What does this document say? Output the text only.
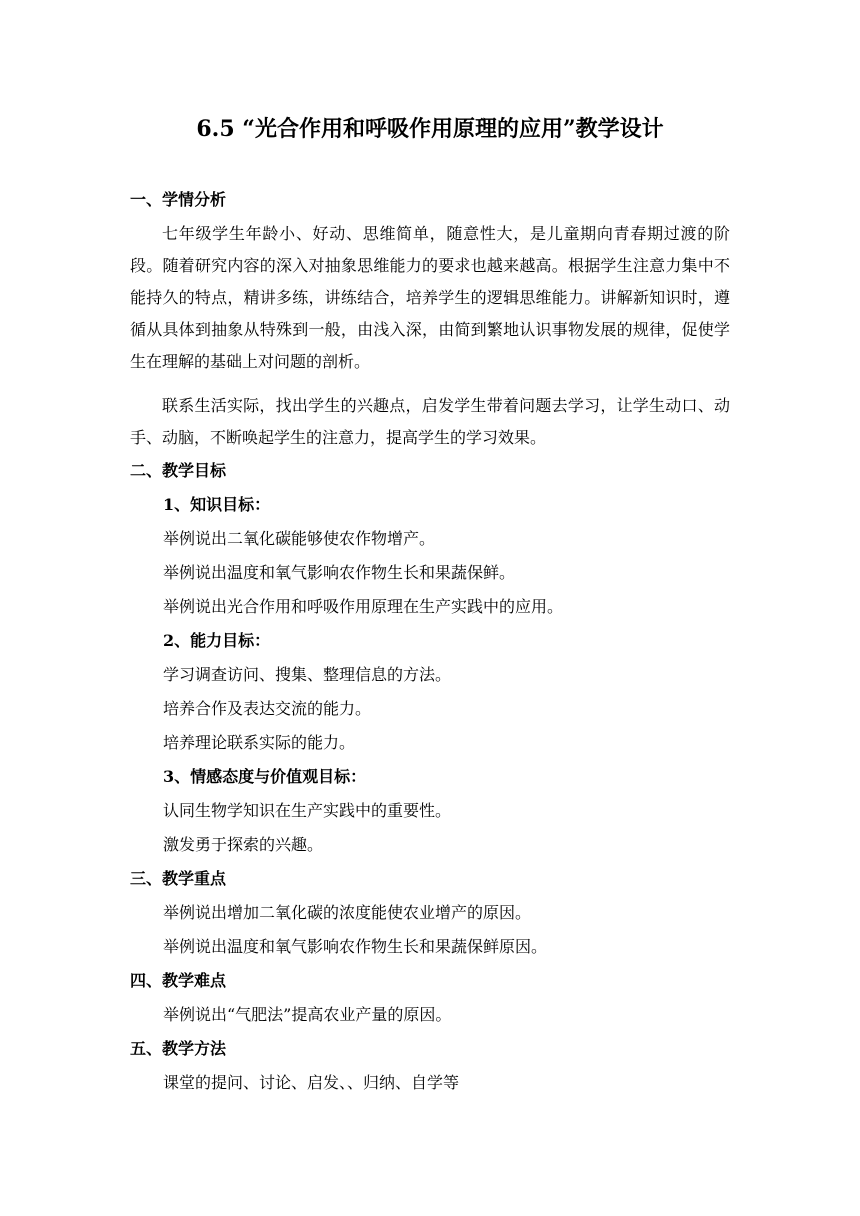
6.5 “光合作用和呼吸作用原理的应用”教学设计
一、学情分析
七年级学生年龄小、好动、思维简单，随意性大，是儿童期向青春期过渡的阶段。随着研究内容的深入对抽象思维能力的要求也越来越高。根据学生注意力集中不能持久的特点，精讲多练，讲练结合，培养学生的逻辑思维能力。讲解新知识时，遵循从具体到抽象从特殊到一般，由浅入深，由简到繁地认识事物发展的规律，促使学生在理解的基础上对问题的剖析。
联系生活实际，找出学生的兴趣点，启发学生带着问题去学习，让学生动口、动手、动脑，不断唤起学生的注意力，提高学生的学习效果。
二、教学目标
1、知识目标：
举例说出二氧化碳能够使农作物增产。
举例说出温度和氧气影响农作物生长和果蔬保鲜。
举例说出光合作用和呼吸作用原理在生产实践中的应用。
2、能力目标：
学习调查访问、搜集、整理信息的方法。
培养合作及表达交流的能力。
培养理论联系实际的能力。
3、情感态度与价值观目标：
认同生物学知识在生产实践中的重要性。
激发勇于探索的兴趣。
三、教学重点
举例说出增加二氧化碳的浓度能使农业增产的原因。
举例说出温度和氧气影响农作物生长和果蔬保鲜原因。
四、教学难点
举例说出“气肥法”提高农业产量的原因。
五、教学方法
课堂的提问、讨论、启发、、归纳、自学等
